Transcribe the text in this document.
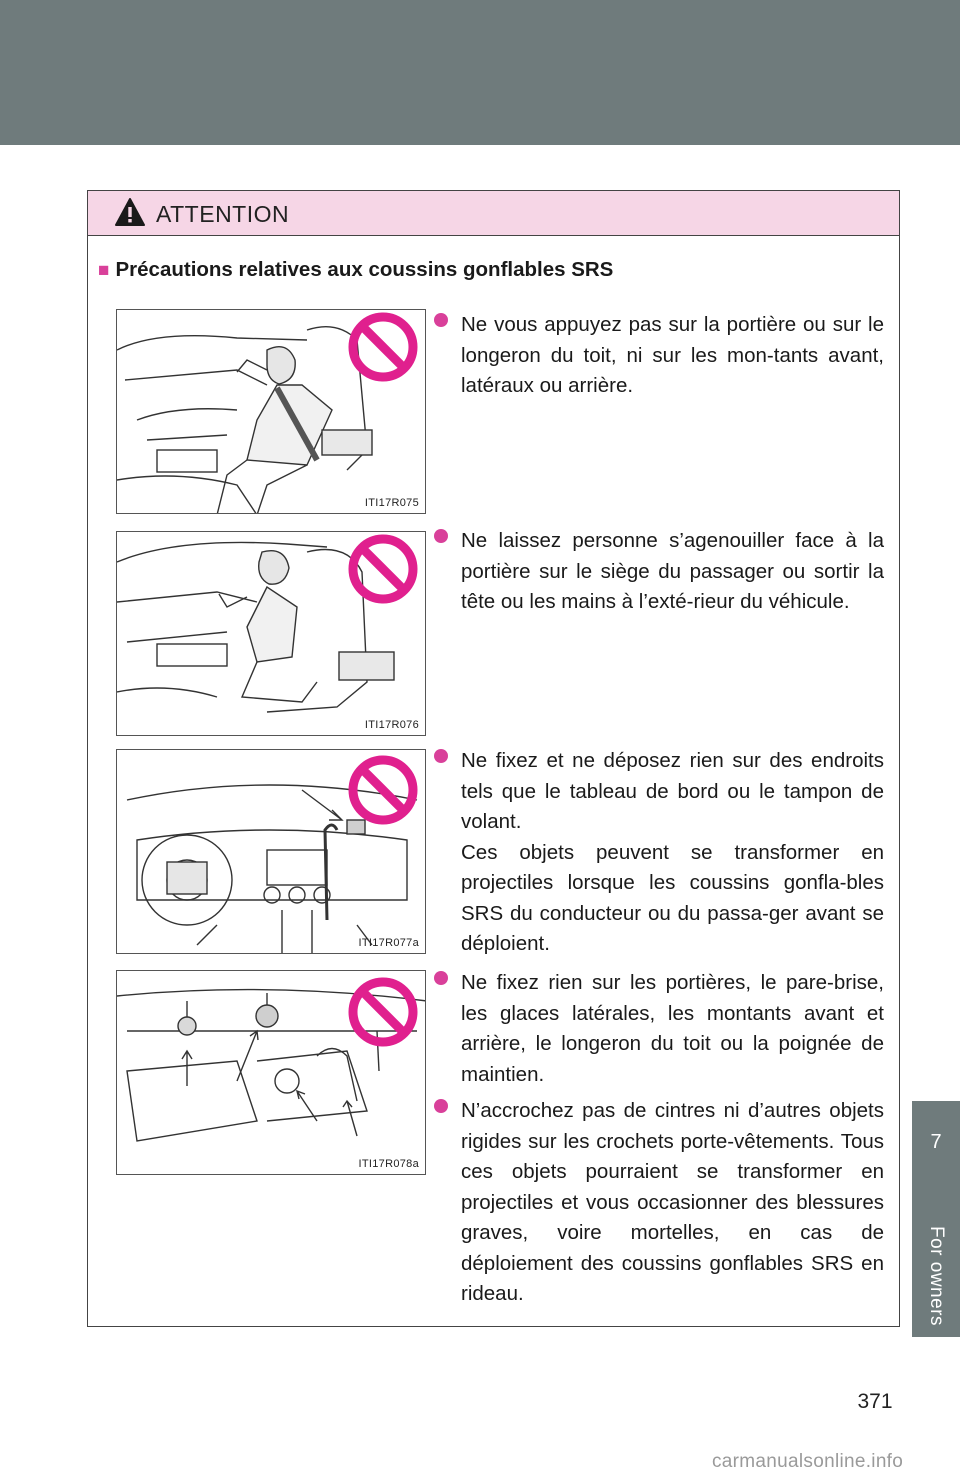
7
For owners
ATTENTION
■ Précautions relatives aux coussins gonflables SRS
ITI17R075
ITI17R076
ITI17R077a
ITI17R078a

Ne vous appuyez pas sur la portière ou sur le longeron du toit, ni sur les mon-tants avant, latéraux ou arrière.

Ne laissez personne s’agenouiller face à la portière sur le siège du passager ou sortir la tête ou les mains à l’exté-rieur du véhicule.

Ne fixez et ne déposez rien sur des endroits tels que le tableau de bord ou le tampon de volant.

Ces objets peuvent se transformer en projectiles lorsque les coussins gonfla-bles SRS du conducteur ou du passa-ger avant se déploient.

Ne fixez rien sur les portières, le pare-brise, les glaces latérales, les montants avant et arrière, le longeron du toit ou la poignée de maintien.

N’accrochez pas de cintres ni d’autres objets rigides sur les crochets porte-vêtements. Tous ces objets pourraient se transformer en projectiles et vous occasionner des blessures graves, voire mortelles, en cas de déploiement des coussins gonflables SRS en rideau.

371
carmanualsonline.info
